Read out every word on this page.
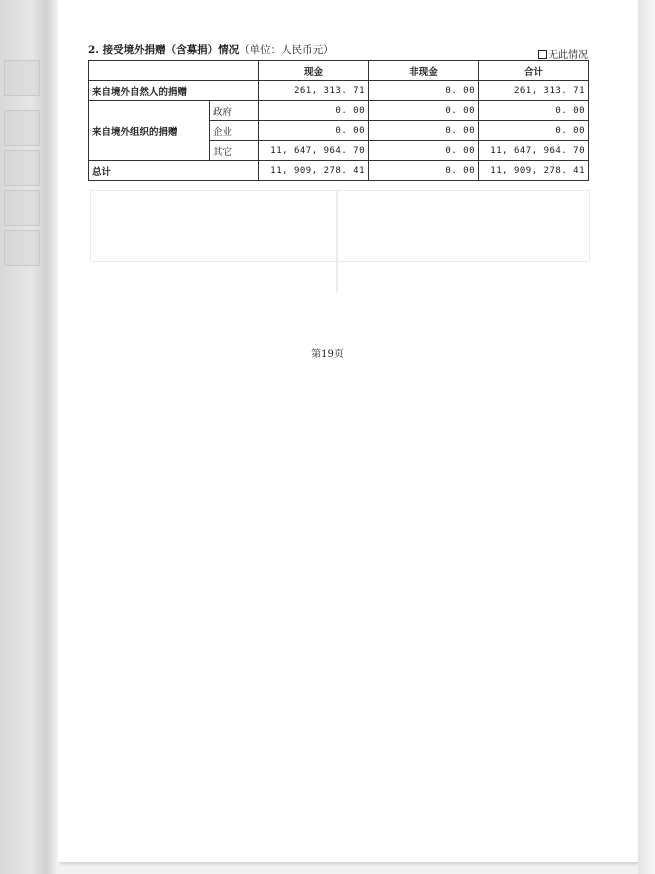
2. 接受境外捐赠（含募捐）情况（单位：人民币元）	无此情况
		现金	非现金	合计
来自境外自然人的捐赠		261, 313. 71	0. 00	261, 313. 71
来自境外组织的捐赠	政府	0. 00	0. 00	0. 00
	企业	0. 00	0. 00	0. 00
	其它	11, 647, 964. 70	0. 00	11, 647, 964. 70
总计		11, 909, 278. 41	0. 00	11, 909, 278. 41
第19页
